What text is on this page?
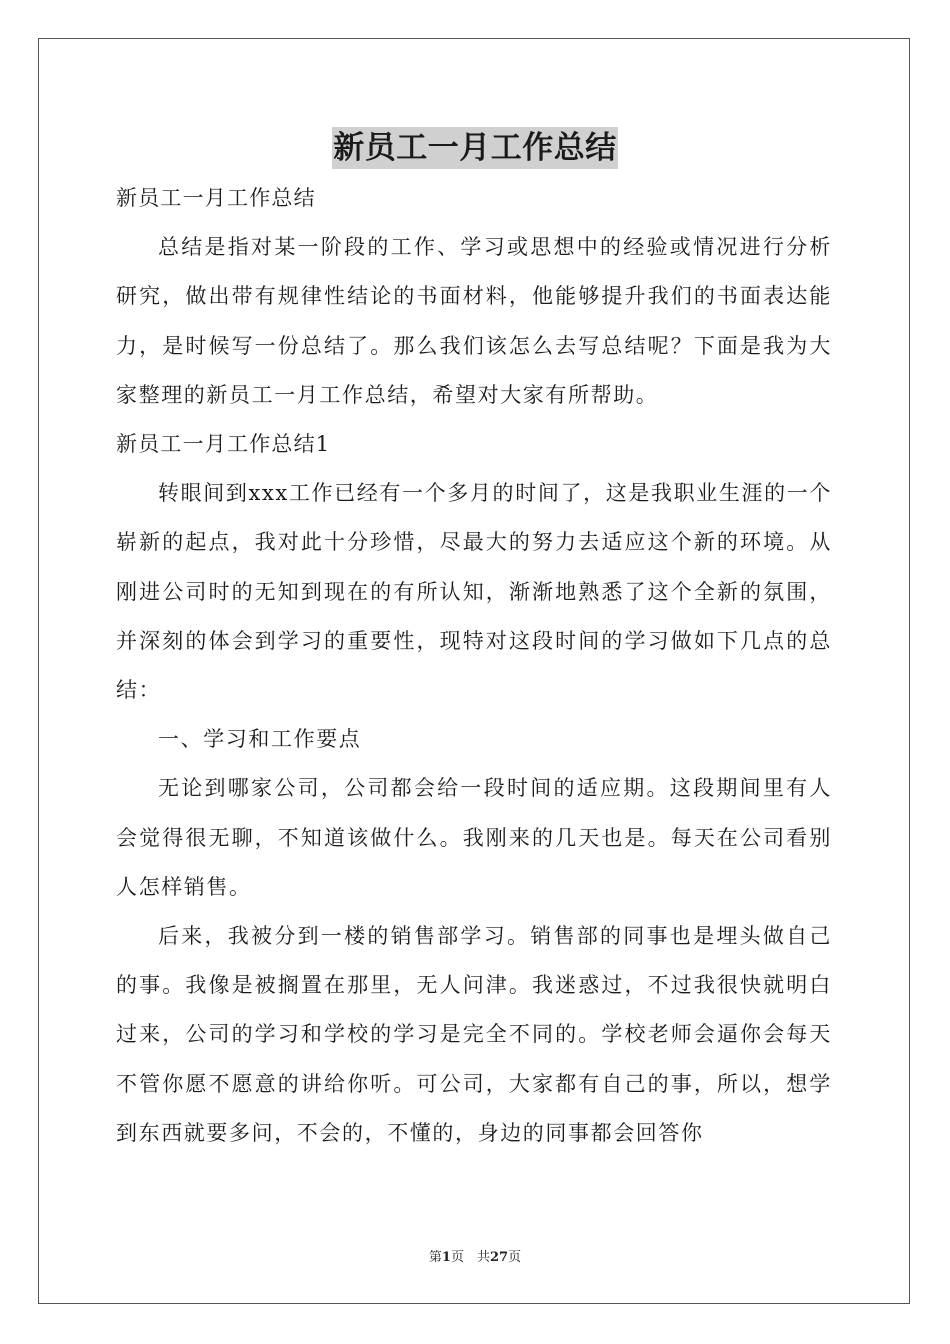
新员工一月工作总结

新员工一月工作总结

总结是指对某一阶段的工作、学习或思想中的经验或情况进行分析研究，做出带有规律性结论的书面材料，他能够提升我们的书面表达能力，是时候写一份总结了。那么我们该怎么去写总结呢？下面是我为大家整理的新员工一月工作总结，希望对大家有所帮助。

新员工一月工作总结1

转眼间到xxx工作已经有一个多月的时间了，这是我职业生涯的一个崭新的起点，我对此十分珍惜，尽最大的努力去适应这个新的环境。从刚进公司时的无知到现在的有所认知，渐渐地熟悉了这个全新的氛围，并深刻的体会到学习的重要性，现特对这段时间的学习做如下几点的总结：

一、学习和工作要点

无论到哪家公司，公司都会给一段时间的适应期。这段期间里有人会觉得很无聊，不知道该做什么。我刚来的几天也是。每天在公司看别人怎样销售。

后来，我被分到一楼的销售部学习。销售部的同事也是埋头做自己的事。我像是被搁置在那里，无人问津。我迷惑过，不过我很快就明白过来，公司的学习和学校的学习是完全不同的。学校老师会逼你会每天不管你愿不愿意的讲给你听。可公司，大家都有自己的事，所以，想学到东西就要多问，不会的，不懂的，身边的同事都会回答你

第1页　共27页
